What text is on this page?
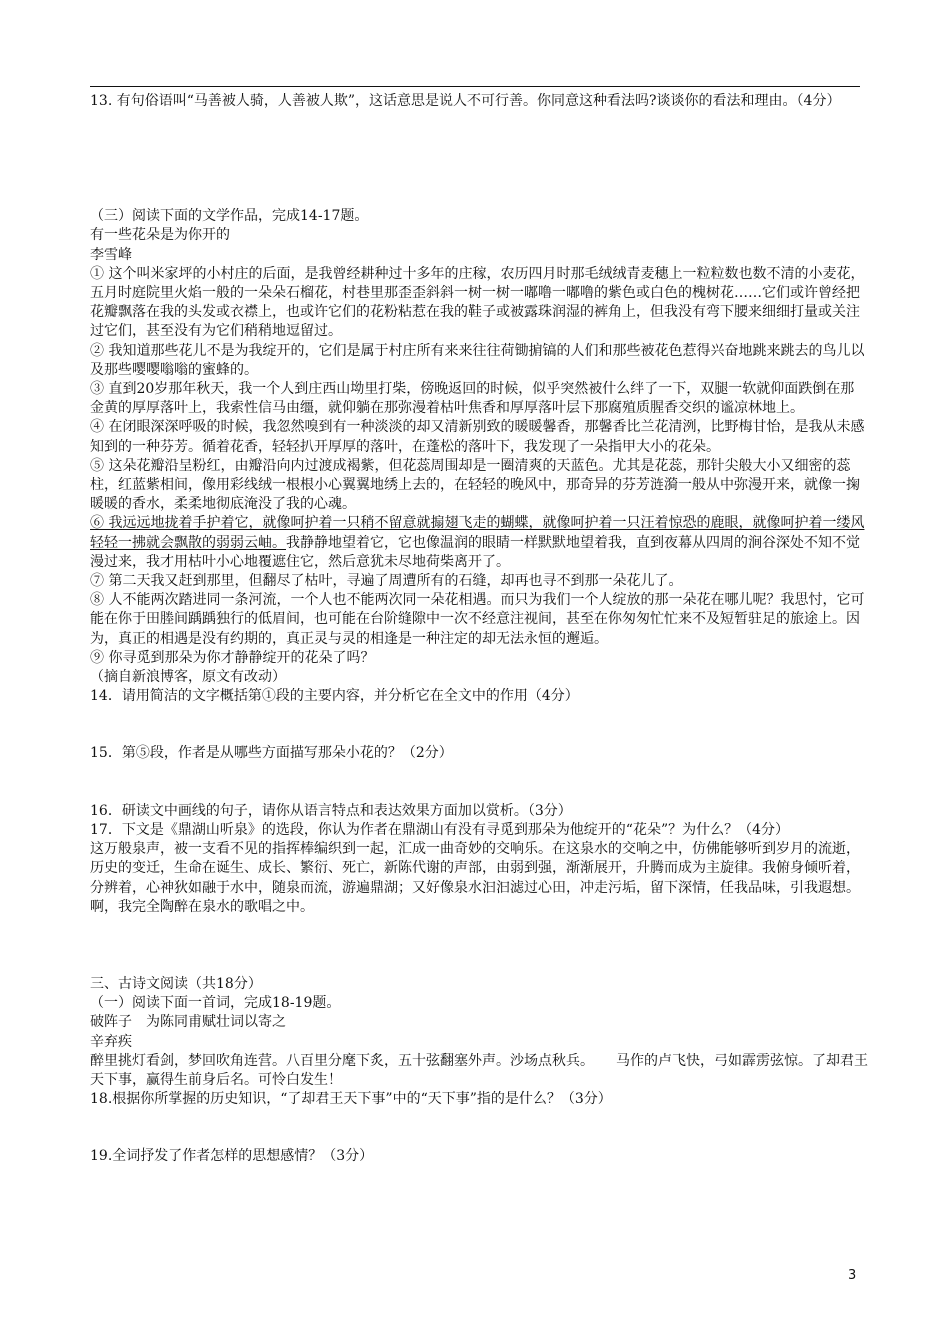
13. 有句俗语叫“马善被人骑，人善被人欺”，这话意思是说人不可行善。你同意这种看法吗?谈谈你的看法和理由。（4分）

（三）阅读下面的文学作品，完成14-17题。

有一些花朵是为你开的

李雪峰

① 这个叫米家坪的小村庄的后面，是我曾经耕种过十多年的庄稼，农历四月时那毛绒绒青麦穗上一粒粒数也数不清的小麦花，五月时庭院里火焰一般的一朵朵石榴花，村巷里那歪歪斜斜一树一树一嘟噜一嘟噜的紫色或白色的槐树花……它们或许曾经把花瓣飘落在我的头发或衣襟上，也或许它们的花粉粘惹在我的鞋子或被露珠润湿的裤角上，但我没有弯下腰来细细打量或关注过它们，甚至没有为它们稍稍地逗留过。

② 我知道那些花儿不是为我绽开的，它们是属于村庄所有来来往往荷锄掮镐的人们和那些被花色惹得兴奋地跳来跳去的鸟儿以及那些嘤嘤嗡嗡的蜜蜂的。

③ 直到20岁那年秋天，我一个人到庄西山坳里打柴，傍晚返回的时候，似乎突然被什么绊了一下，双腿一软就仰面跌倒在那金黄的厚厚落叶上，我索性信马由缰，就仰躺在那弥漫着枯叶焦香和厚厚落叶层下那腐殖质腥香交织的谧凉林地上。

④ 在闭眼深深呼吸的时候，我忽然嗅到有一种淡淡的却又清新别致的暖暖馨香，那馨香比兰花清洌，比野梅甘怡，是我从未感知到的一种芬芳。循着花香，轻轻扒开厚厚的落叶，在蓬松的落叶下，我发现了一朵指甲大小的花朵。

⑤ 这朵花瓣沿呈粉红，由瓣沿向内过渡成褐紫，但花蕊周围却是一圈清爽的天蓝色。尤其是花蕊，那针尖般大小又细密的蕊柱，红蓝紫相间，像用彩线绒一根根小心翼翼地绣上去的，在轻轻的晚风中，那奇异的芬芳涟漪一般从中弥漫开来，就像一掬暖暖的香水，柔柔地彻底淹没了我的心魂。

⑥ 我远远地拢着手护着它，就像呵护着一只稍不留意就搧翅飞走的蝴蝶，就像呵护着一只汪着惊恐的鹿眼，就像呵护着一缕风轻轻一拂就会飘散的弱弱云岫。我静静地望着它，它也像温润的眼睛一样默默地望着我，直到夜幕从四周的涧谷深处不知不觉漫过来，我才用枯叶小心地覆遮住它，然后意犹未尽地荷柴离开了。

⑦ 第二天我又赶到那里，但翻尽了枯叶，寻遍了周遭所有的石缝，却再也寻不到那一朵花儿了。

⑧ 人不能两次踏进同一条河流，一个人也不能两次同一朵花相遇。而只为我们一个人绽放的那一朵花在哪儿呢？我思忖，它可能在你于田塍间踽踽独行的低眉间，也可能在台阶缝隙中一次不经意注视间，甚至在你匆匆忙忙来不及短暂驻足的旅途上。因为，真正的相遇是没有约期的，真正灵与灵的相逢是一种注定的却无法永恒的邂逅。

⑨ 你寻觅到那朵为你才静静绽开的花朵了吗？

（摘自新浪博客，原文有改动）

14．请用简洁的文字概括第①段的主要内容，并分析它在全文中的作用（4分）

15．第⑤段，作者是从哪些方面描写那朵小花的？（2分）

16．研读文中画线的句子，请你从语言特点和表达效果方面加以赏析。（3分）

17．下文是《鼎湖山听泉》的选段，你认为作者在鼎湖山有没有寻觅到那朵为他绽开的“花朵”？为什么？（4分）

这万般泉声，被一支看不见的指挥棒编织到一起，汇成一曲奇妙的交响乐。在这泉水的交响之中，仿佛能够听到岁月的流逝，历史的变迁，生命在诞生、成长、繁衍、死亡，新陈代谢的声部，由弱到强，渐渐展开，升腾而成为主旋律。我俯身倾听着，分辨着，心神狄如融于水中，随泉而流，游遍鼎湖；又好像泉水汩汩滤过心田，冲走污垢，留下深情，任我品味，引我遐想。啊，我完全陶醉在泉水的歌唱之中。

三、古诗文阅读（共18分）

（一）阅读下面一首词，完成18-19题。

破阵子　为陈同甫赋壮词以寄之

辛弃疾

醉里挑灯看剑，梦回吹角连营。八百里分麾下炙，五十弦翻塞外声。沙场点秋兵。 马作的卢飞快，弓如霹雳弦惊。了却君王天下事，赢得生前身后名。可怜白发生！

18.根据你所掌握的历史知识，“了却君王天下事”中的“天下事”指的是什么？（3分）

19.全词抒发了作者怎样的思想感情？（3分）

3
